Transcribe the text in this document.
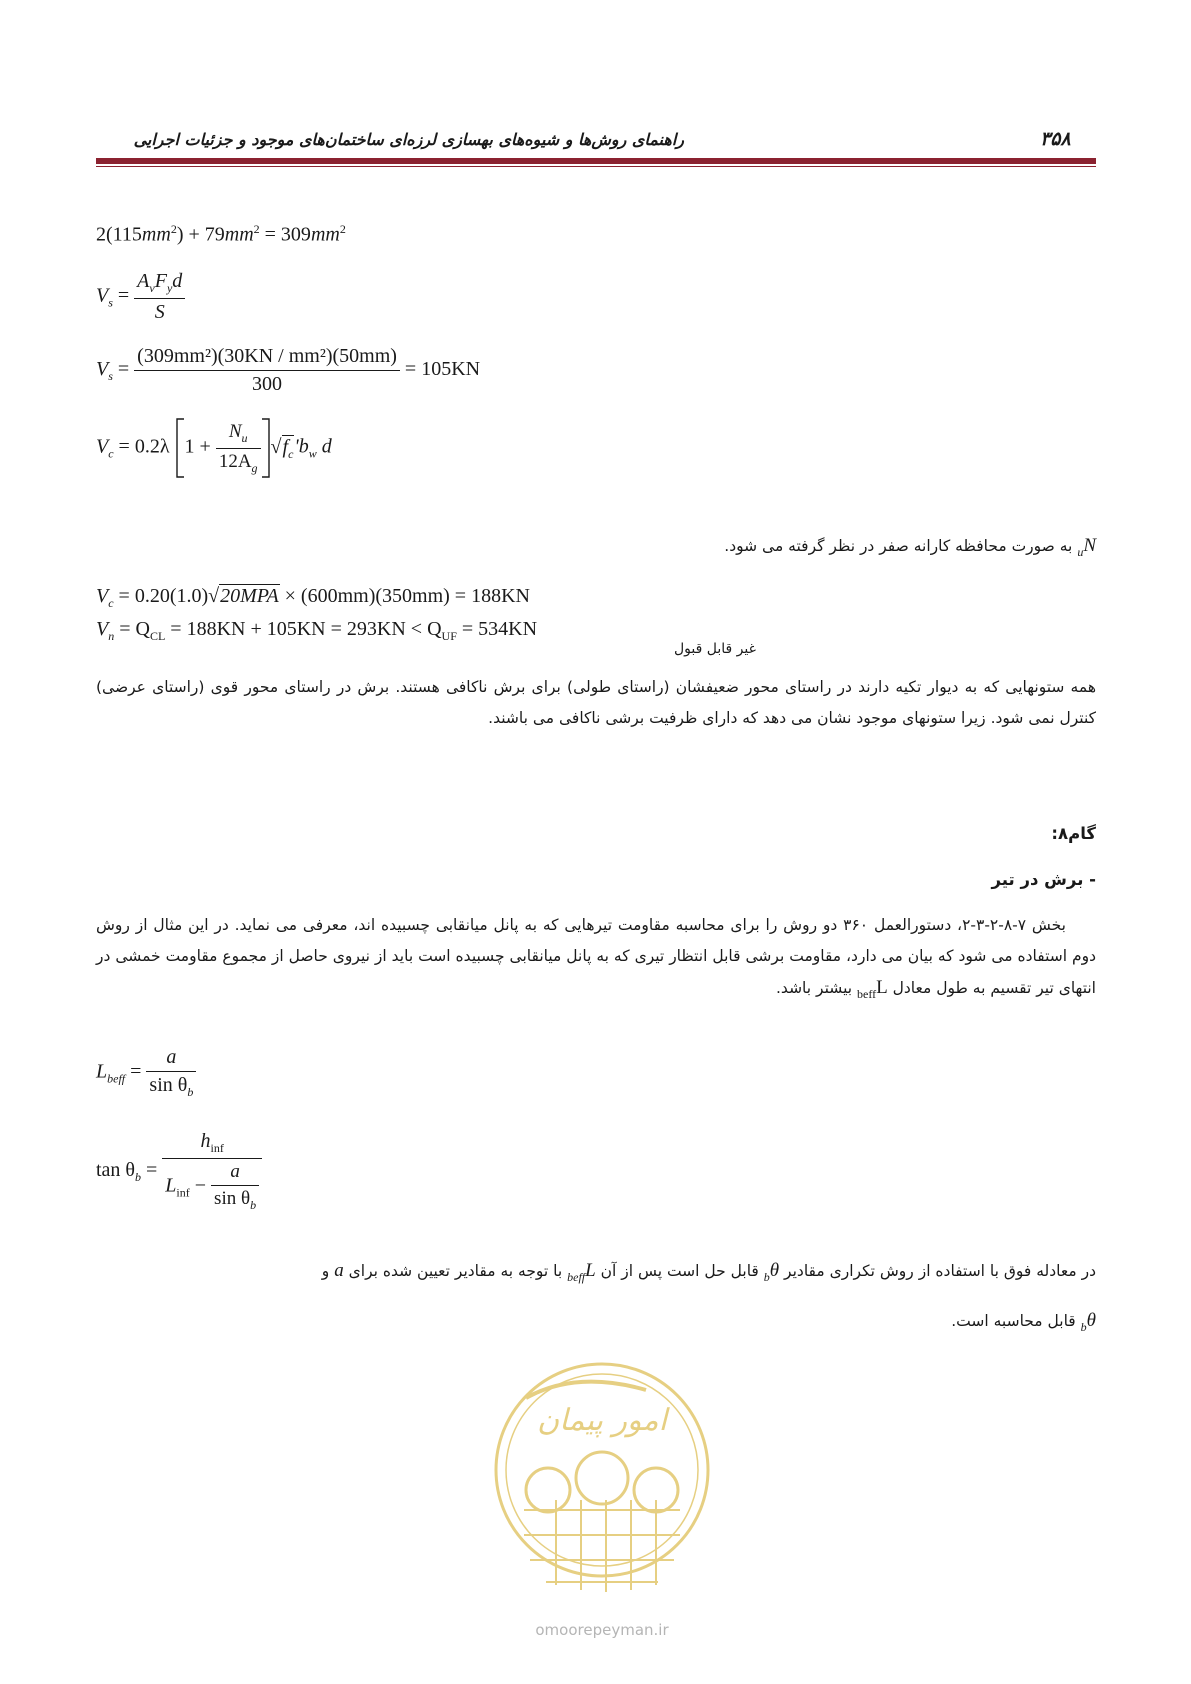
راهنمای روش‌ها و شیوه‌های بهسازی لرزه‌ای ساختمان‌های موجود و جزئیات اجرایی	۳۵۸
$2(115mm^2) + 79mm^2 = 309mm^2$
$V_s = \frac{A_vF_yd}{S}$
$V_s = \frac{\text{(309mm²)(30KN / mm²)(50mm)}}{300} = 105KN$
$V_c = 0.2\lambda$ $1 + \frac{N_u}{12A_g} √f_c'b_w$ d
$N_u$ به صورت محافظه کارانه صفر در نظر گرفته می شود.
$V_c = 0.20(1.0)√20MPA \times (600mm)(350mm) = 188KN$
$V_n = Q_{CL} = 188KN + 105KN = 293KN < Q_{UF} = 534KN$
غیر قابل قبول
همه ستونهایی که به دیوار تکیه دارند در راستای محور ضعیفشان (راستای طولی) برای برش ناکافی هستند. برش در راستای محور قوی (راستای عرضی) کنترل نمی شود. زیرا ستونهای موجود نشان می دهد که دارای ظرفیت برشی ناکافی می باشند.
گام۸:
- برش در تیر
بخش ۷-۸-۲-۳-۲، دستورالعمل ۳۶۰ دو روش را برای محاسبه مقاومت تیرهایی که به پانل میانقابی چسبیده اند، معرفی می نماید. در این مثال از روش دوم استفاده می شود که بیان می دارد، مقاومت برشی قابل انتظار تیری که به پانل میانقابی چسبیده است باید از نیروی حاصل از مجموع مقاومت خمشی در انتهای تیر تقسیم به طول معادل $L_{beff}$ بیشتر باشد.
$L_{beff} = \frac{a}{\sin \theta_b}$
$\tan \theta_b = \frac{h_{inf}}{L_{inf} - \frac{a}{\sin \theta_b}}$
در معادله فوق با استفاده از روش تکراری مقادیر $\theta_b$ قابل حل است پس از آن $L_{beff}$ با توجه به مقادیر تعیین شده برای a و
$\theta_b$ قابل محاسبه است.
امور پیمان
omoorepeyman.ir
